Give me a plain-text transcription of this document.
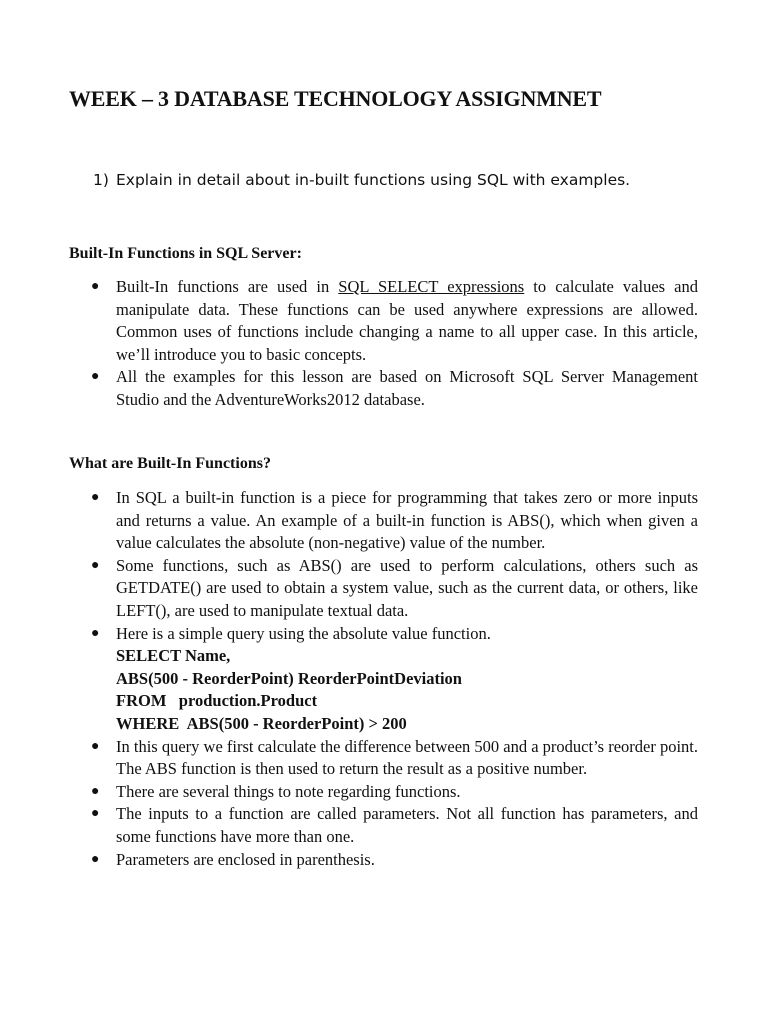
WEEK – 3 DATABASE TECHNOLOGY ASSIGNMNET
1) Explain in detail about in-built functions using SQL with examples.
Built-In Functions in SQL Server:
● Built-In functions are used in SQL SELECT expressions to calculate values and manipulate data. These functions can be used anywhere expressions are allowed. Common uses of functions include changing a name to all upper case. In this article, we’ll introduce you to basic concepts.
● All the examples for this lesson are based on Microsoft SQL Server Management Studio and the AdventureWorks2012 database.
What are Built-In Functions?
● In SQL a built-in function is a piece for programming that takes zero or more inputs and returns a value. An example of a built-in function is ABS(), which when given a value calculates the absolute (non-negative) value of the number.
● Some functions, such as ABS() are used to perform calculations, others such as GETDATE() are used to obtain a system value, such as the current data, or others, like LEFT(), are used to manipulate textual data.
● Here is a simple query using the absolute value function.
SELECT Name,
ABS(500 - ReorderPoint) ReorderPointDeviation
FROM   production.Product
WHERE  ABS(500 - ReorderPoint) > 200
● In this query we first calculate the difference between 500 and a product’s reorder point. The ABS function is then used to return the result as a positive number.
● There are several things to note regarding functions.
● The inputs to a function are called parameters. Not all function has parameters, and some functions have more than one.
● Parameters are enclosed in parenthesis.
